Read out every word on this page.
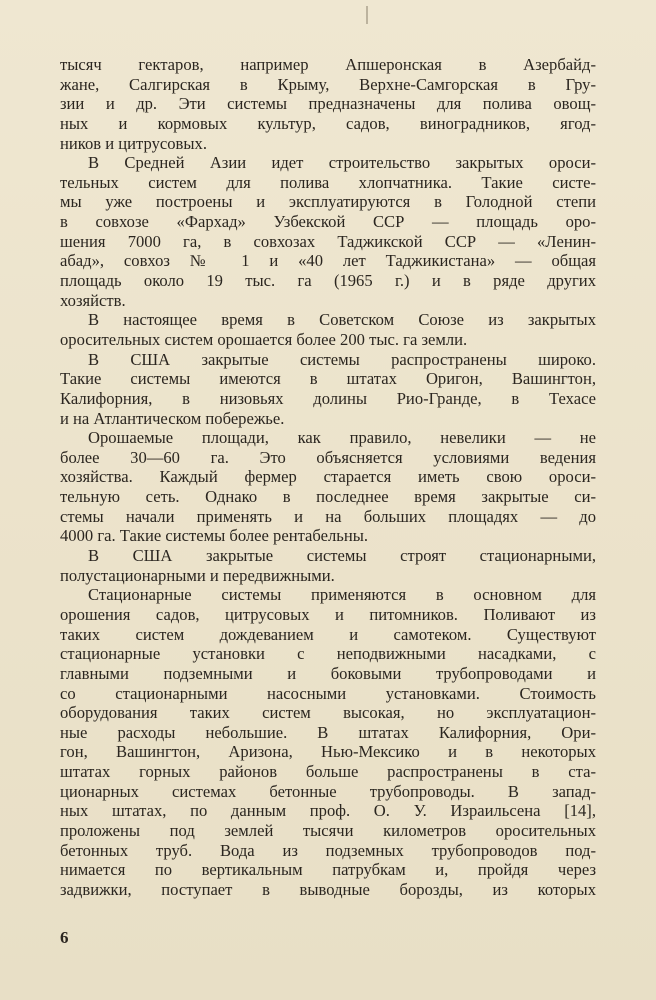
тысяч гектаров, например Апшеронская в Азербайд-
жане, Салгирская в Крыму, Верхне-Самгорская в Гру-
зии и др. Эти системы предназначены для полива овощ-
ных и кормовых культур, садов, виноградников, ягод-
ников и цитрусовых.
В Средней Азии идет строительство закрытых ороси-
тельных систем для полива хлопчатника. Такие систе-
мы уже построены и эксплуатируются в Голодной степи
в совхозе «Фархад» Узбекской ССР — площадь оро-
шения 7000 га, в совхозах Таджикской ССР — «Ленин-
абад», совхоз № 1 и «40 лет Таджикистана» — общая
площадь около 19 тыс. га (1965 г.) и в ряде других
хозяйств.
В настоящее время в Советском Союзе из закрытых
оросительных систем орошается более 200 тыс. га земли.
В США закрытые системы распространены широко.
Такие системы имеются в штатах Оригон, Вашингтон,
Калифорния, в низовьях долины Рио-Гранде, в Техасе
и на Атлантическом побережье.
Орошаемые площади, как правило, невелики — не
более 30—60 га. Это объясняется условиями ведения
хозяйства. Каждый фермер старается иметь свою ороси-
тельную сеть. Однако в последнее время закрытые си-
стемы начали применять и на больших площадях — до
4000 га. Такие системы более рентабельны.
В США закрытые системы строят стационарными,
полустационарными и передвижными.
Стационарные системы применяются в основном для
орошения садов, цитрусовых и питомников. Поливают из
таких систем дождеванием и самотеком. Существуют
стационарные установки с неподвижными насадками, с
главными подземными и боковыми трубопроводами и
со стационарными насосными установками. Стоимость
оборудования таких систем высокая, но эксплуатацион-
ные расходы небольшие. В штатах Калифорния, Ори-
гон, Вашингтон, Аризона, Нью-Мексико и в некоторых
штатах горных районов больше распространены в ста-
ционарных системах бетонные трубопроводы. В запад-
ных штатах, по данным проф. О. У. Израильсена [14],
проложены под землей тысячи километров оросительных
бетонных труб. Вода из подземных трубопроводов под-
нимается по вертикальным патрубкам и, пройдя через
задвижки, поступает в выводные борозды, из которых
6
